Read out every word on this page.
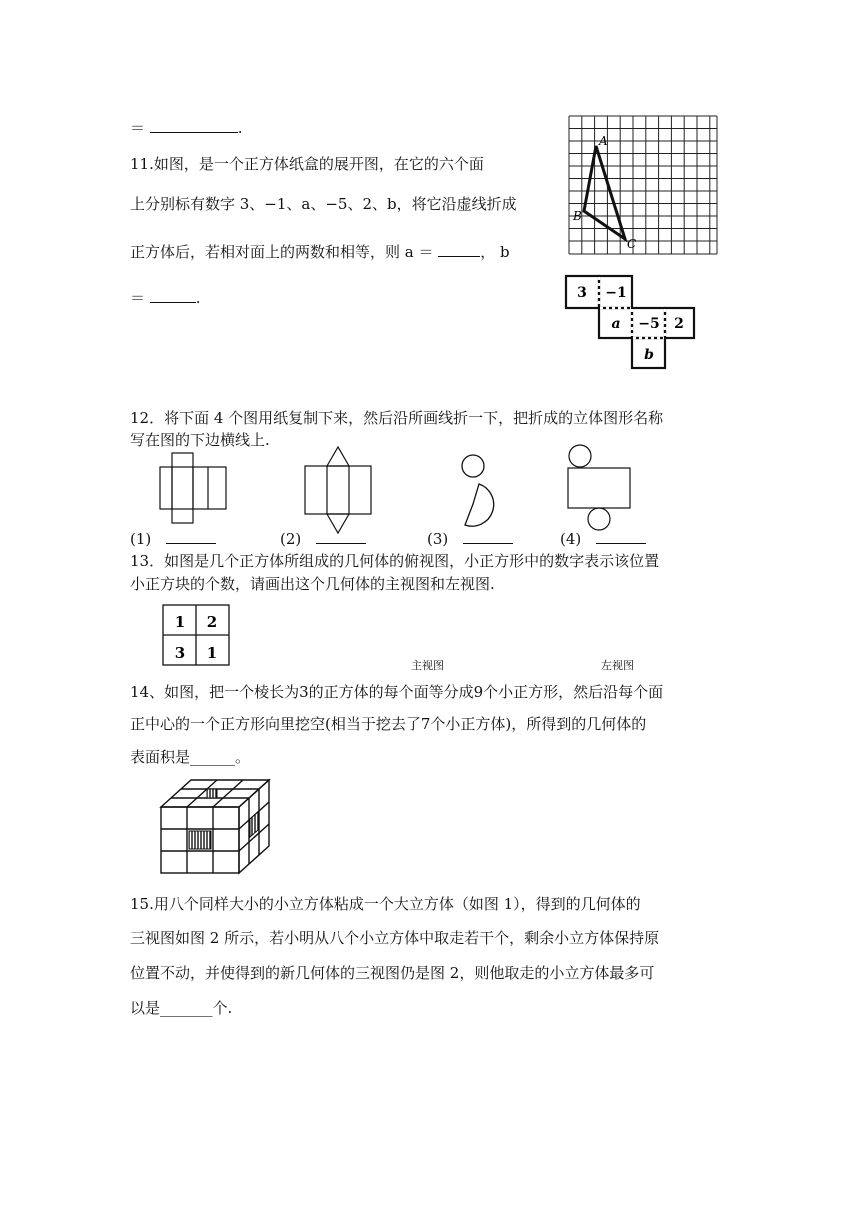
＝	.
11.如图，是一个正方体纸盒的展开图，在它的六个面
上分别标有数字 3、−1、a、−5、2、b，将它沿虚线折成
正方体后，若相对面上的两数和相等，则 a ＝	， b
＝	.
A
B
C
3 −1
a −5 2
b
12．将下面 4 个图用纸复制下来，然后沿所画线折一下，把折成的立体图形名称
写在图的下边横线上.
(1)	(2)	(3)	(4)
13．如图是几个正方体所组成的几何体的俯视图，小正方形中的数字表示该位置
小正方块的个数，请画出这个几何体的主视图和左视图.
1 2
3 1
主视图	左视图
14、如图，把一个棱长为3的正方体的每个面等分成9个小正方形，然后沿每个面
正中心的一个正方形向里挖空(相当于挖去了7个小正方体)，所得到的几何体的
表面积是______。
15.用八个同样大小的小立方体粘成一个大立方体（如图 1），得到的几何体的
三视图如图 2 所示，若小明从八个小立方体中取走若干个，剩余小立方体保持原
位置不动，并使得到的新几何体的三视图仍是图 2，则他取走的小立方体最多可
以是_______个.
